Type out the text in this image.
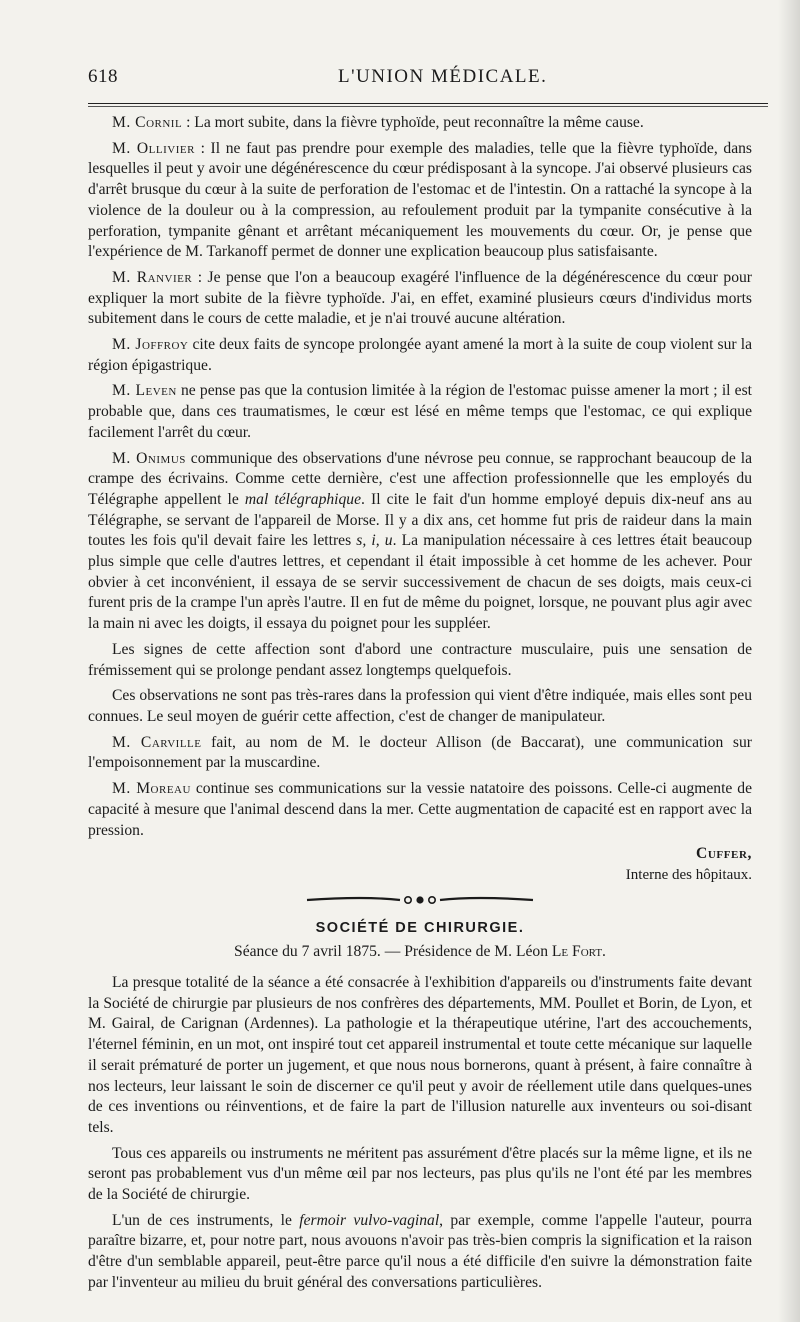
618	L'UNION MÉDICALE.

M. Cornil : La mort subite, dans la fièvre typhoïde, peut reconnaître la même cause.

M. Ollivier : Il ne faut pas prendre pour exemple des maladies, telle que la fièvre typhoïde, dans lesquelles il peut y avoir une dégénérescence du cœur prédisposant à la syncope. J'ai observé plusieurs cas d'arrêt brusque du cœur à la suite de perforation de l'estomac et de l'intestin. On a rattaché la syncope à la violence de la douleur ou à la compression, au refoulement produit par la tympanite consécutive à la perforation, tympanite gênant et arrêtant mécaniquement les mouvements du cœur. Or, je pense que l'expérience de M. Tarkanoff permet de donner une explication beaucoup plus satisfaisante.

M. Ranvier : Je pense que l'on a beaucoup exagéré l'influence de la dégénérescence du cœur pour expliquer la mort subite de la fièvre typhoïde. J'ai, en effet, examiné plusieurs cœurs d'individus morts subitement dans le cours de cette maladie, et je n'ai trouvé aucune altération.

M. Joffroy cite deux faits de syncope prolongée ayant amené la mort à la suite de coup violent sur la région épigastrique.

M. Leven ne pense pas que la contusion limitée à la région de l'estomac puisse amener la mort ; il est probable que, dans ces traumatismes, le cœur est lésé en même temps que l'estomac, ce qui explique facilement l'arrêt du cœur.

M. Onimus communique des observations d'une névrose peu connue, se rapprochant beaucoup de la crampe des écrivains. Comme cette dernière, c'est une affection professionnelle que les employés du Télégraphe appellent le mal télégraphique. Il cite le fait d'un homme employé depuis dix-neuf ans au Télégraphe, se servant de l'appareil de Morse. Il y a dix ans, cet homme fut pris de raideur dans la main toutes les fois qu'il devait faire les lettres s, i, u. La manipulation nécessaire à ces lettres était beaucoup plus simple que celle d'autres lettres, et cependant il était impossible à cet homme de les achever. Pour obvier à cet inconvénient, il essaya de se servir successivement de chacun de ses doigts, mais ceux-ci furent pris de la crampe l'un après l'autre. Il en fut de même du poignet, lorsque, ne pouvant plus agir avec la main ni avec les doigts, il essaya du poignet pour les suppléer.

Les signes de cette affection sont d'abord une contracture musculaire, puis une sensation de frémissement qui se prolonge pendant assez longtemps quelquefois.

Ces observations ne sont pas très-rares dans la profession qui vient d'être indiquée, mais elles sont peu connues. Le seul moyen de guérir cette affection, c'est de changer de manipulateur.

M. Carville fait, au nom de M. le docteur Allison (de Baccarat), une communication sur l'empoisonnement par la muscardine.

M. Moreau continue ses communications sur la vessie natatoire des poissons. Celle-ci augmente de capacité à mesure que l'animal descend dans la mer. Cette augmentation de capacité est en rapport avec la pression.

Cuffer,
Interne des hôpitaux.
SOCIÉTÉ DE CHIRURGIE.
Séance du 7 avril 1875. — Présidence de M. Léon Le Fort.

La presque totalité de la séance a été consacrée à l'exhibition d'appareils ou d'instruments faite devant la Société de chirurgie par plusieurs de nos confrères des départements, MM. Poullet et Borin, de Lyon, et M. Gairal, de Carignan (Ardennes). La pathologie et la thérapeutique utérine, l'art des accouchements, l'éternel féminin, en un mot, ont inspiré tout cet appareil instrumental et toute cette mécanique sur laquelle il serait prématuré de porter un jugement, et que nous nous bornerons, quant à présent, à faire connaître à nos lecteurs, leur laissant le soin de discerner ce qu'il peut y avoir de réellement utile dans quelques-unes de ces inventions ou réinventions, et de faire la part de l'illusion naturelle aux inventeurs ou soi-disant tels.

Tous ces appareils ou instruments ne méritent pas assurément d'être placés sur la même ligne, et ils ne seront pas probablement vus d'un même œil par nos lecteurs, pas plus qu'ils ne l'ont été par les membres de la Société de chirurgie.

L'un de ces instruments, le fermoir vulvo-vaginal, par exemple, comme l'appelle l'auteur, pourra paraître bizarre, et, pour notre part, nous avouons n'avoir pas très-bien compris la signification et la raison d'être d'un semblable appareil, peut-être parce qu'il nous a été difficile d'en suivre la démonstration faite par l'inventeur au milieu du bruit général des conversations particulières.
